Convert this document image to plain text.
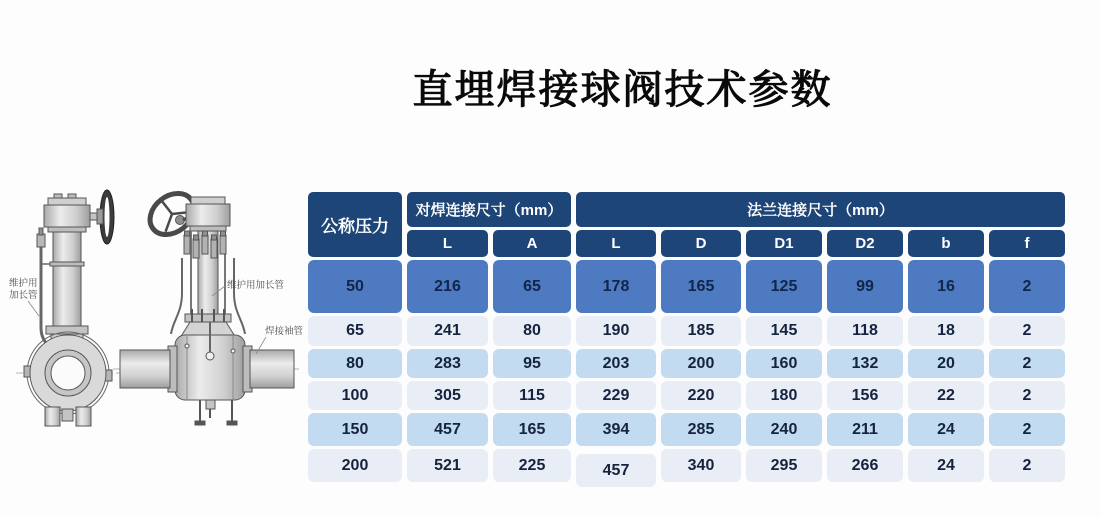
直埋焊接球阀技术参数
维护用
加长管
维护用加长管
焊接袖管
公称压力
对焊连接尺寸（mm）	法兰连接尺寸（mm）
L	A	L	D	D1	D2	b	f
50	216	65	178	165	125	99	16	2
65	241	80	190	185	145	118	18	2
80	283	95	203	200	160	132	20	2
100	305	115	229	220	180	156	22	2
150	457	165	394	285	240	211	24	2
200	521	225	457	340	295	266	24	2
